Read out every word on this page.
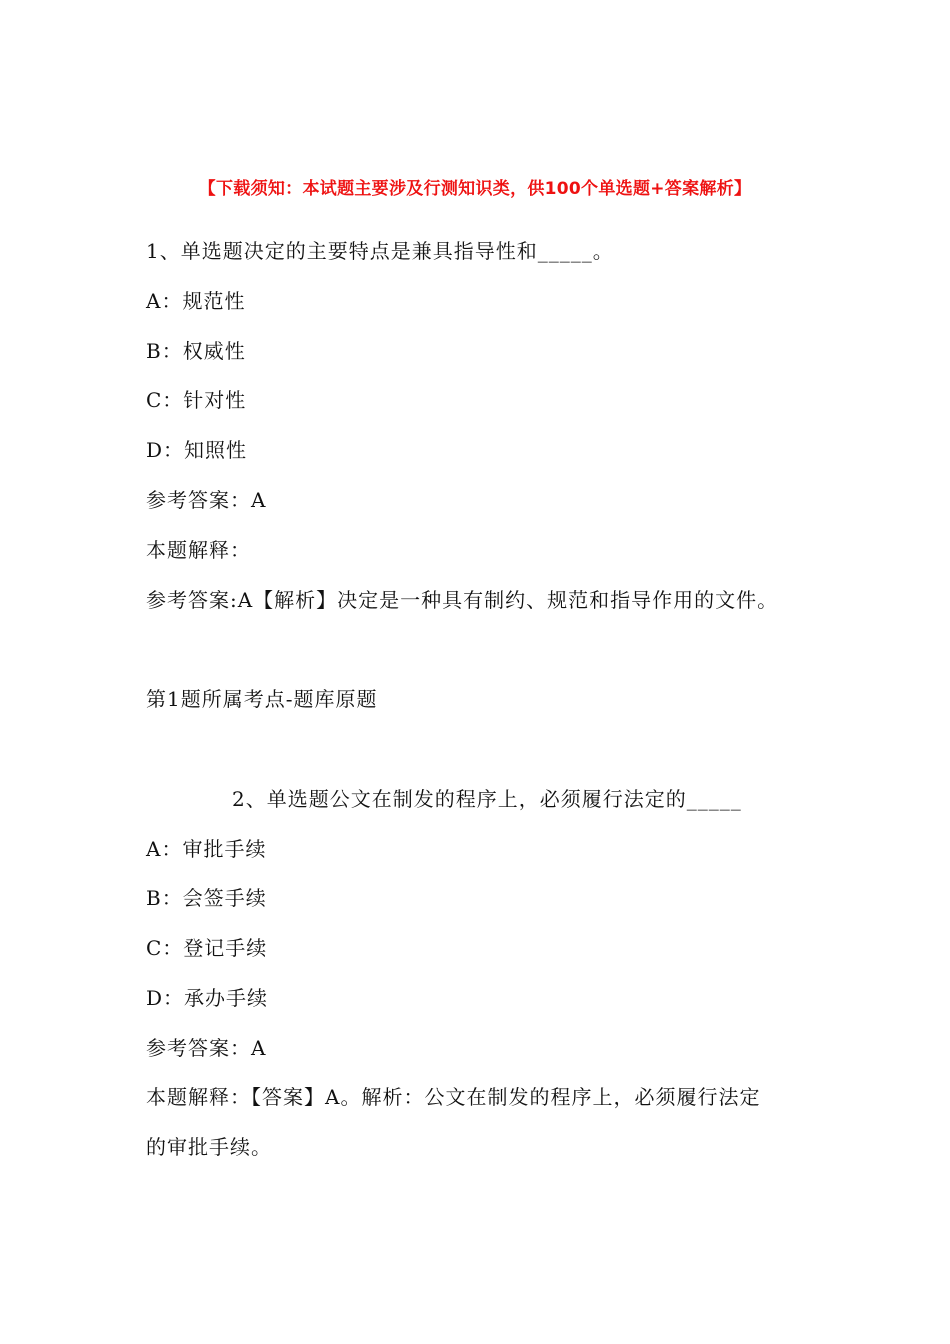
【下载须知：本试题主要涉及行测知识类，供100个单选题+答案解析】
1、单选题决定的主要特点是兼具指导性和_____。
A：规范性
B：权威性
C：针对性
D：知照性
参考答案：A
本题解释：
参考答案:A【解析】决定是一种具有制约、规范和指导作用的文件。
第1题所属考点-题库原题
2、单选题公文在制发的程序上，必须履行法定的_____
A：审批手续
B：会签手续
C：登记手续
D：承办手续
参考答案：A
本题解释：【答案】A。解析：公文在制发的程序上，必须履行法定
的审批手续。
